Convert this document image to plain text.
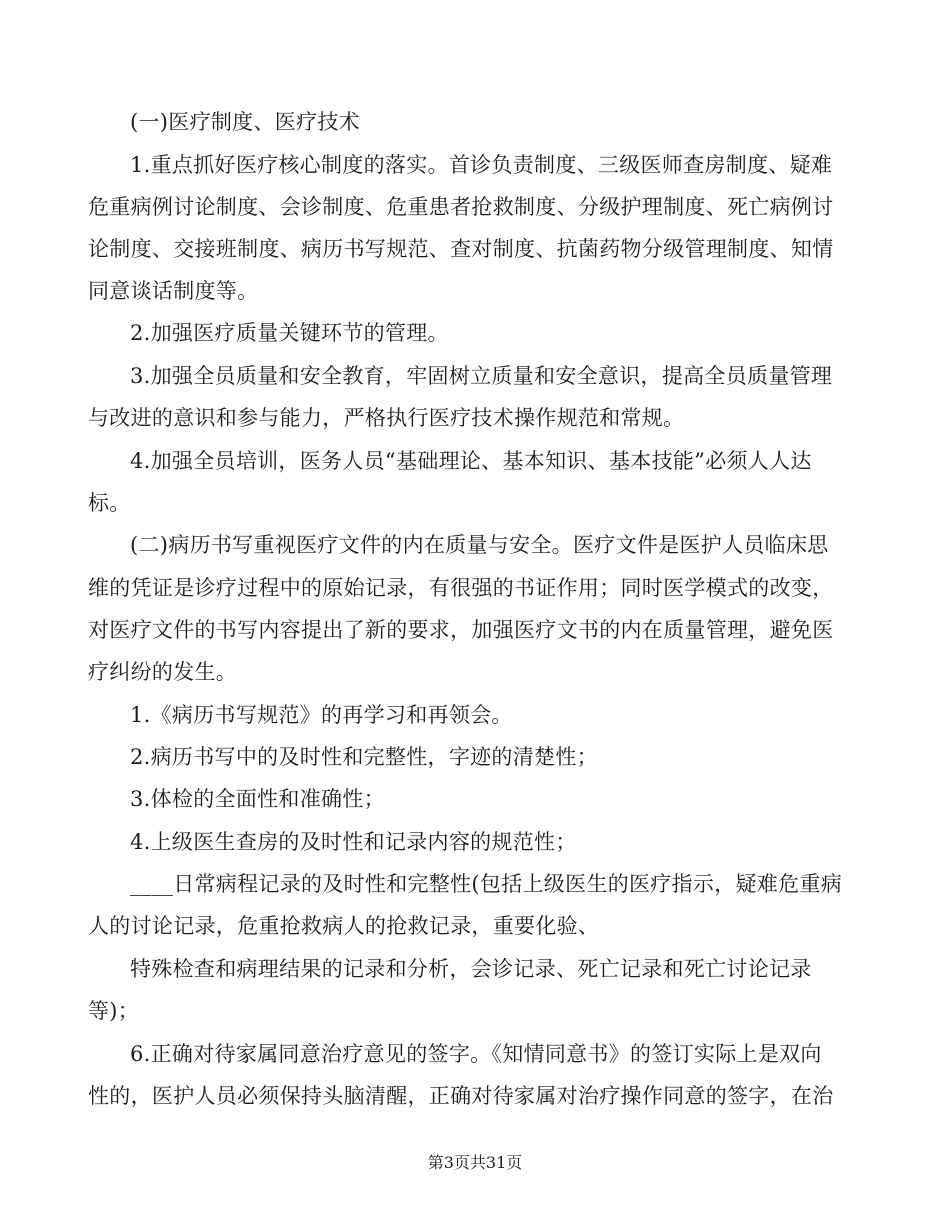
(一)医疗制度、医疗技术
1.重点抓好医疗核心制度的落实。首诊负责制度、三级医师查房制度、疑难
危重病例讨论制度、会诊制度、危重患者抢救制度、分级护理制度、死亡病例讨
论制度、交接班制度、病历书写规范、查对制度、抗菌药物分级管理制度、知情
同意谈话制度等。
2.加强医疗质量关键环节的管理。
3.加强全员质量和安全教育，牢固树立质量和安全意识，提高全员质量管理
与改进的意识和参与能力，严格执行医疗技术操作规范和常规。
4.加强全员培训，医务人员“基础理论、基本知识、基本技能”必须人人达
标。
(二)病历书写重视医疗文件的内在质量与安全。医疗文件是医护人员临床思
维的凭证是诊疗过程中的原始记录，有很强的书证作用；同时医学模式的改变，
对医疗文件的书写内容提出了新的要求，加强医疗文书的内在质量管理，避免医
疗纠纷的发生。
1.《病历书写规范》的再学习和再领会。
2.病历书写中的及时性和完整性，字迹的清楚性；
3.体检的全面性和准确性；
4.上级医生查房的及时性和记录内容的规范性；
____日常病程记录的及时性和完整性(包括上级医生的医疗指示，疑难危重病
人的讨论记录，危重抢救病人的抢救记录，重要化验、
特殊检查和病理结果的记录和分析，会诊记录、死亡记录和死亡讨论记录
等)；
6.正确对待家属同意治疗意见的签字。《知情同意书》的签订实际上是双向
性的，医护人员必须保持头脑清醒，正确对待家属对治疗操作同意的签字，在治
第3页共31页
